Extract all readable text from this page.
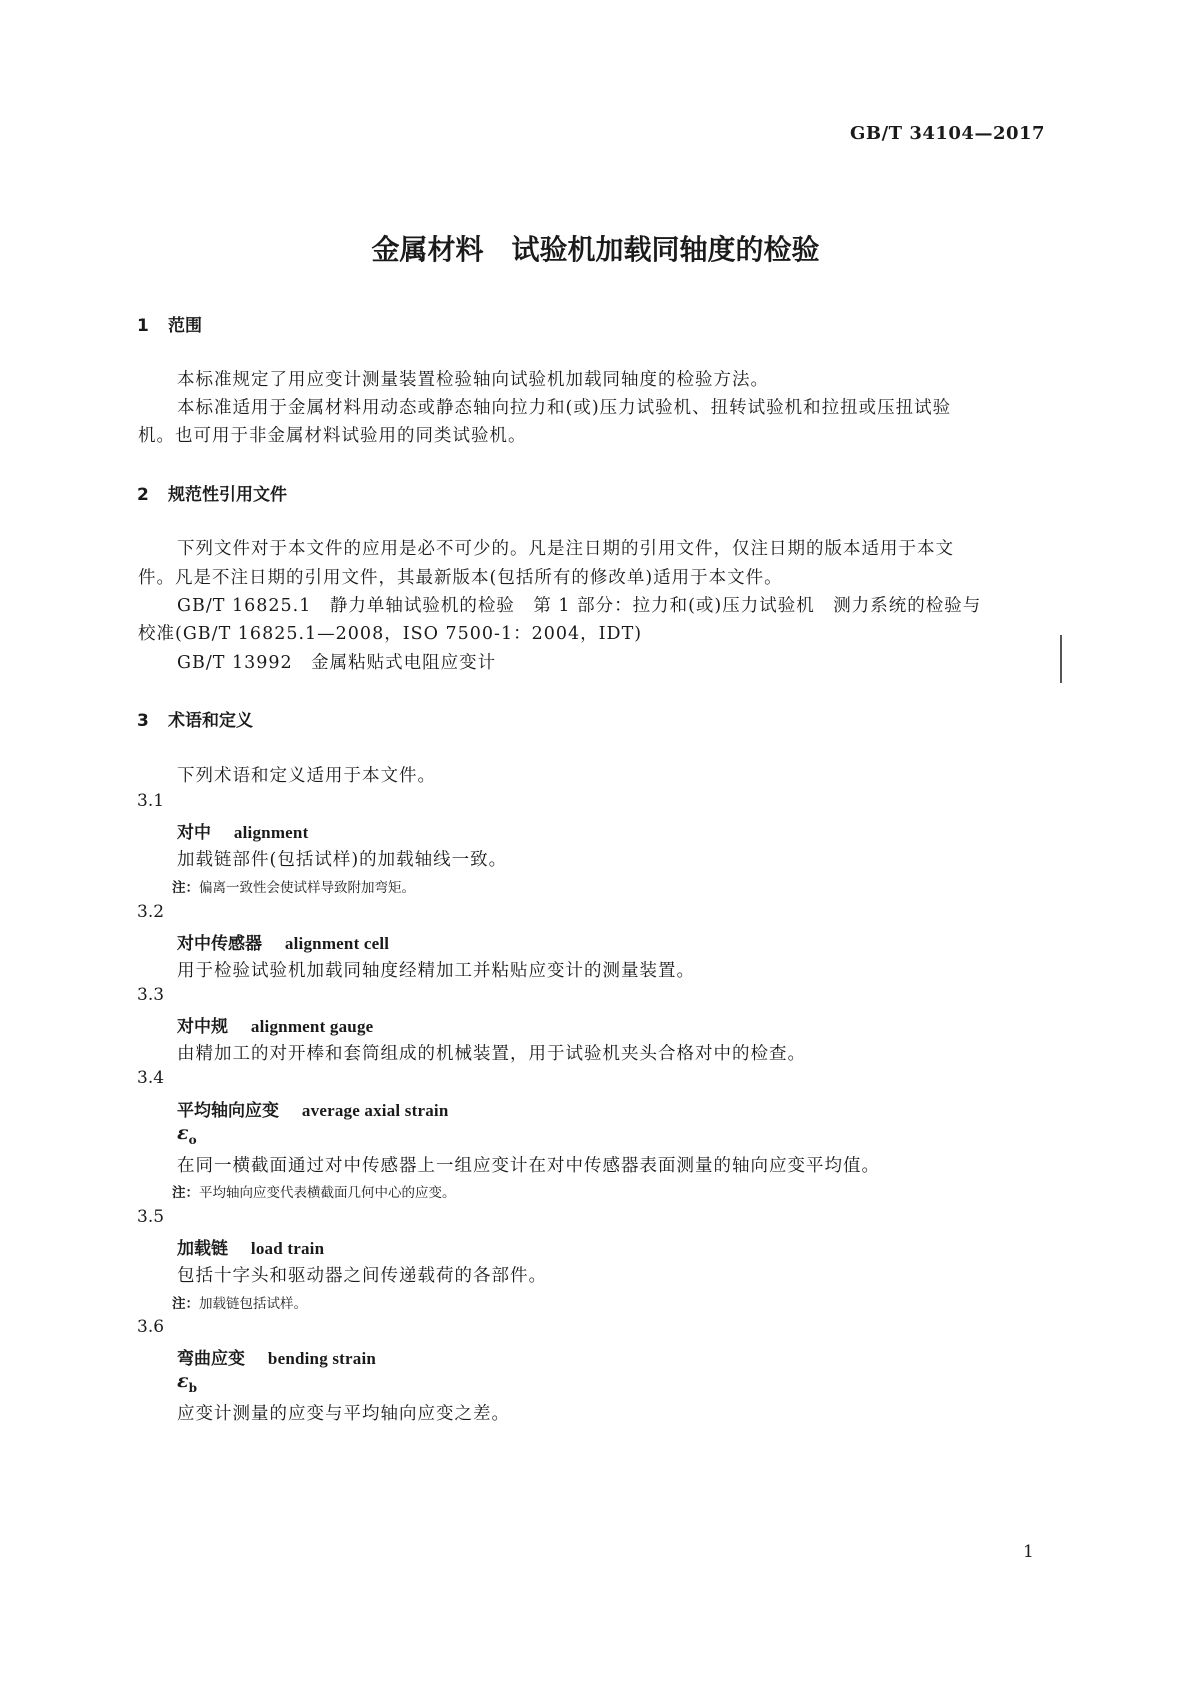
GB/T 34104—2017
金属材料　试验机加载同轴度的检验
1 范围
本标准规定了用应变计测量装置检验轴向试验机加载同轴度的检验方法。
本标准适用于金属材料用动态或静态轴向拉力和(或)压力试验机、扭转试验机和拉扭或压扭试验
机。也可用于非金属材料试验用的同类试验机。
2 规范性引用文件
下列文件对于本文件的应用是必不可少的。凡是注日期的引用文件，仅注日期的版本适用于本文
件。凡是不注日期的引用文件，其最新版本(包括所有的修改单)适用于本文件。
GB/T 16825.1　静力单轴试验机的检验　第 1 部分：拉力和(或)压力试验机　测力系统的检验与
校准(GB/T 16825.1—2008，ISO 7500-1：2004，IDT)
GB/T 13992　金属粘贴式电阻应变计
3 术语和定义
下列术语和定义适用于本文件。
3.1
对中　 alignment
加载链部件(包括试样)的加载轴线一致。
注：偏离一致性会使试样导致附加弯矩。
3.2
对中传感器　 alignment cell
用于检验试验机加载同轴度经精加工并粘贴应变计的测量装置。
3.3
对中规　 alignment gauge
由精加工的对开棒和套筒组成的机械装置，用于试验机夹头合格对中的检查。
3.4
平均轴向应变　 average axial strain
$\varepsilon_o$
在同一横截面通过对中传感器上一组应变计在对中传感器表面测量的轴向应变平均值。
注：平均轴向应变代表横截面几何中心的应变。
3.5
加载链　 load train
包括十字头和驱动器之间传递载荷的各部件。
注：加载链包括试样。
3.6
弯曲应变　 bending strain
$\varepsilon_b$
应变计测量的应变与平均轴向应变之差。
1
